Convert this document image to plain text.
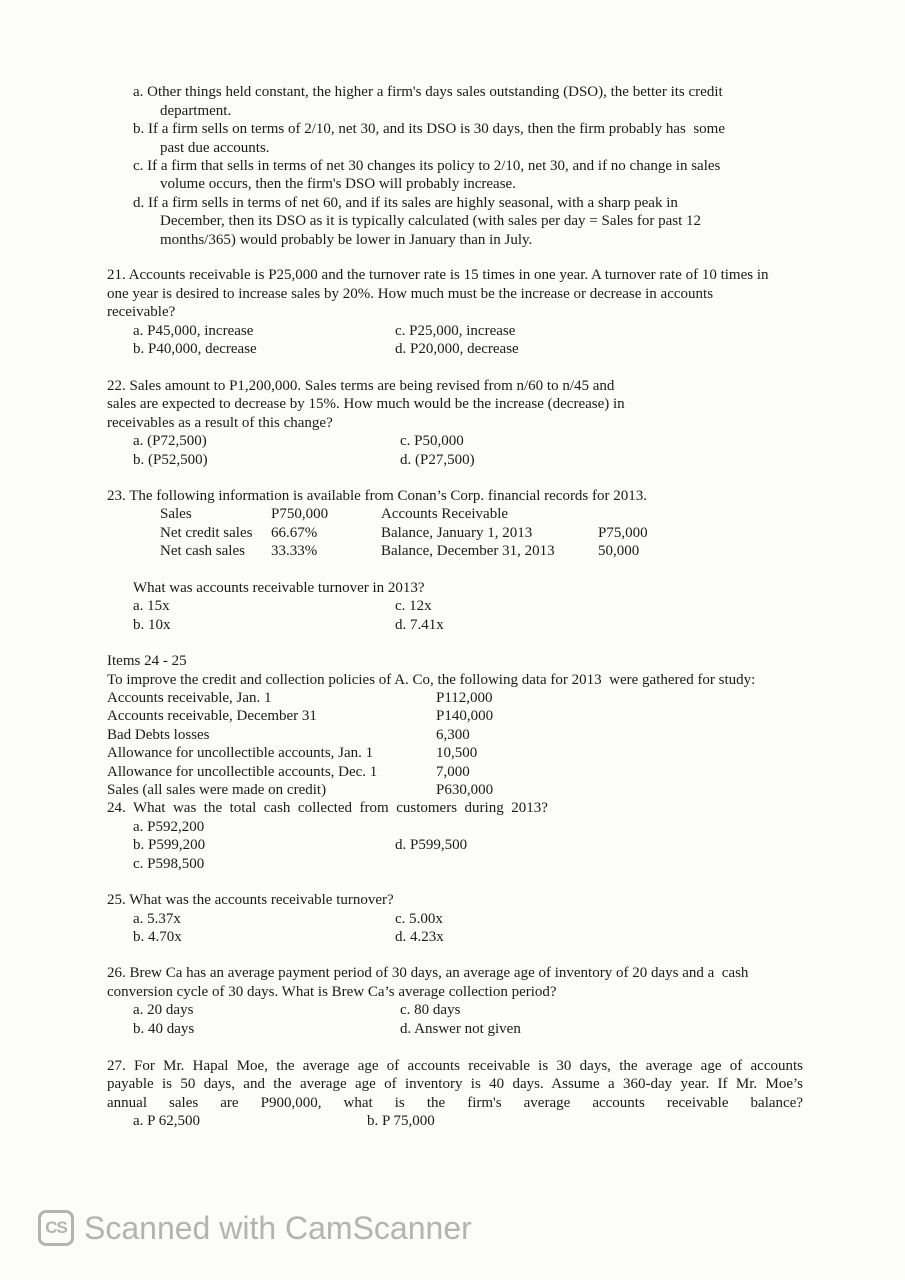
a. Other things held constant, the higher a firm's days sales outstanding (DSO), the better its credit
department.
b. If a firm sells on terms of 2/10, net 30, and its DSO is 30 days, then the firm probably has  some
past due accounts.
c. If a firm that sells in terms of net 30 changes its policy to 2/10, net 30, and if no change in sales
volume occurs, then the firm's DSO will probably increase.
d. If a firm sells in terms of net 60, and if its sales are highly seasonal, with a sharp peak in
December, then its DSO as it is typically calculated (with sales per day = Sales for past 12
months/365) would probably be lower in January than in July.
21. Accounts receivable is P25,000 and the turnover rate is 15 times in one year. A turnover rate of 10 times in
one year is desired to increase sales by 20%. How much must be the increase or decrease in accounts
receivable?
a. P45,000, increase
b. P40,000, decrease
c. P25,000, increase
d. P20,000, decrease
22. Sales amount to P1,200,000. Sales terms are being revised from n/60 to n/45 and
sales are expected to decrease by 15%. How much would be the increase (decrease) in
receivables as a result of this change?
a. (P72,500)
b. (P52,500)
c. P50,000
d. (P27,500)
23. The following information is available from Conan’s Corp. financial records for 2013.
Sales	P750,000	Accounts Receivable
Net credit sales 66.67%	Balance, January 1, 2013	P75,000
Net cash sales 33.33%	Balance, December 31, 2013	50,000
What was accounts receivable turnover in 2013?
a. 15x
b. 10x
c. 12x
d. 7.41x
Items 24 - 25
To improve the credit and collection policies of A. Co, the following data for 2013  were gathered for study:
Accounts receivable, Jan. 1	P112,000
Accounts receivable, December 31	P140,000
Bad Debts losses	6,300
Allowance for uncollectible accounts, Jan. 1	10,500
Allowance for uncollectible accounts, Dec. 1	7,000
Sales (all sales were made on credit)	P630,000
24.  What  was  the  total  cash  collected  from  customers  during  2013?
a. P592,200
b. P599,200	d. P599,500
c. P598,500
25. What was the accounts receivable turnover?
a. 5.37x
b. 4.70x
c. 5.00x
d. 4.23x
26. Brew Ca has an average payment period of 30 days, an average age of inventory of 20 days and a  cash
conversion cycle of 30 days. What is Brew Ca’s average collection period?
a. 20 days
b. 40 days
c. 80 days
d. Answer not given
27. For Mr. Hapal Moe, the average age of accounts receivable is 30 days, the average age of accounts
payable is 50 days, and the average age of inventory is 40 days. Assume a 360-day year. If Mr. Moe’s
annual sales are P900,000, what is the firm's average accounts receivable balance?
a. P 62,500	b. P 75,000
CS Scanned with CamScanner
